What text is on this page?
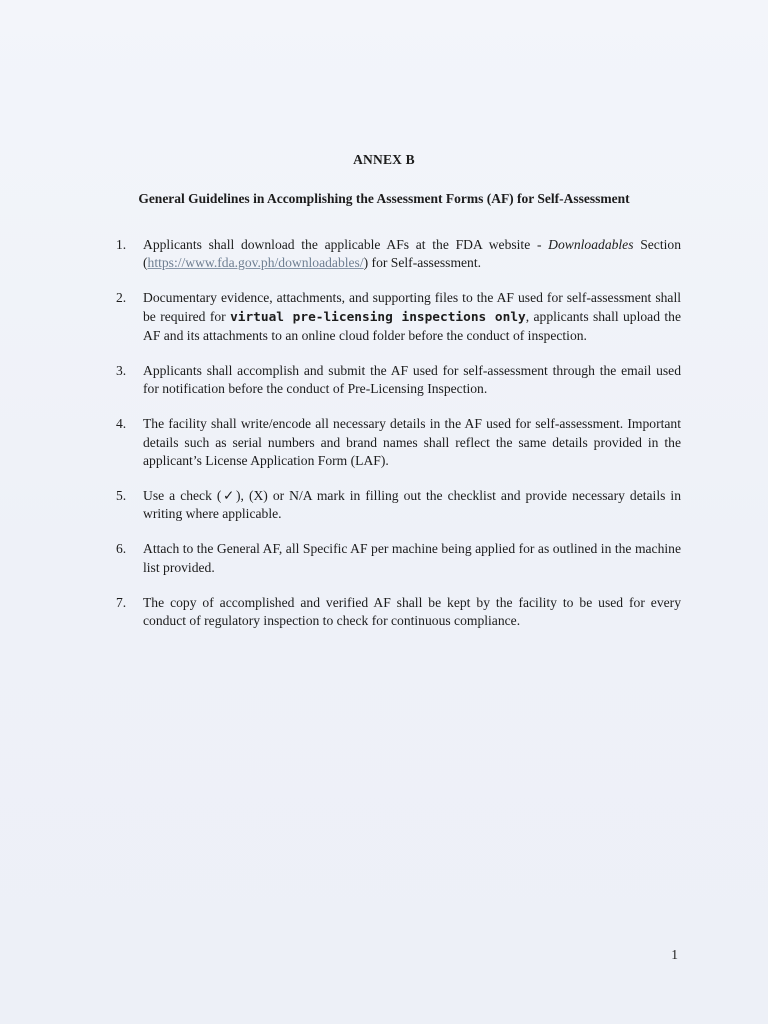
ANNEX B
General Guidelines in Accomplishing the Assessment Forms (AF) for Self-Assessment
1.	Applicants shall download the applicable AFs at the FDA website - Downloadables Section (https://www.fda.gov.ph/downloadables/) for Self-assessment.
2.	Documentary evidence, attachments, and supporting files to the AF used for self-assessment shall be required for virtual pre-licensing inspections only, applicants shall upload the AF and its attachments to an online cloud folder before the conduct of inspection.
3.	Applicants shall accomplish and submit the AF used for self-assessment through the email used for notification before the conduct of Pre-Licensing Inspection.
4.	The facility shall write/encode all necessary details in the AF used for self-assessment. Important details such as serial numbers and brand names shall reflect the same details provided in the applicant’s License Application Form (LAF).
5.	Use a check (✓), (X) or N/A mark in filling out the checklist and provide necessary details in writing where applicable.
6.	Attach to the General AF, all Specific AF per machine being applied for as outlined in the machine list provided.
7.	The copy of accomplished and verified AF shall be kept by the facility to be used for every conduct of regulatory inspection to check for continuous compliance.
1
